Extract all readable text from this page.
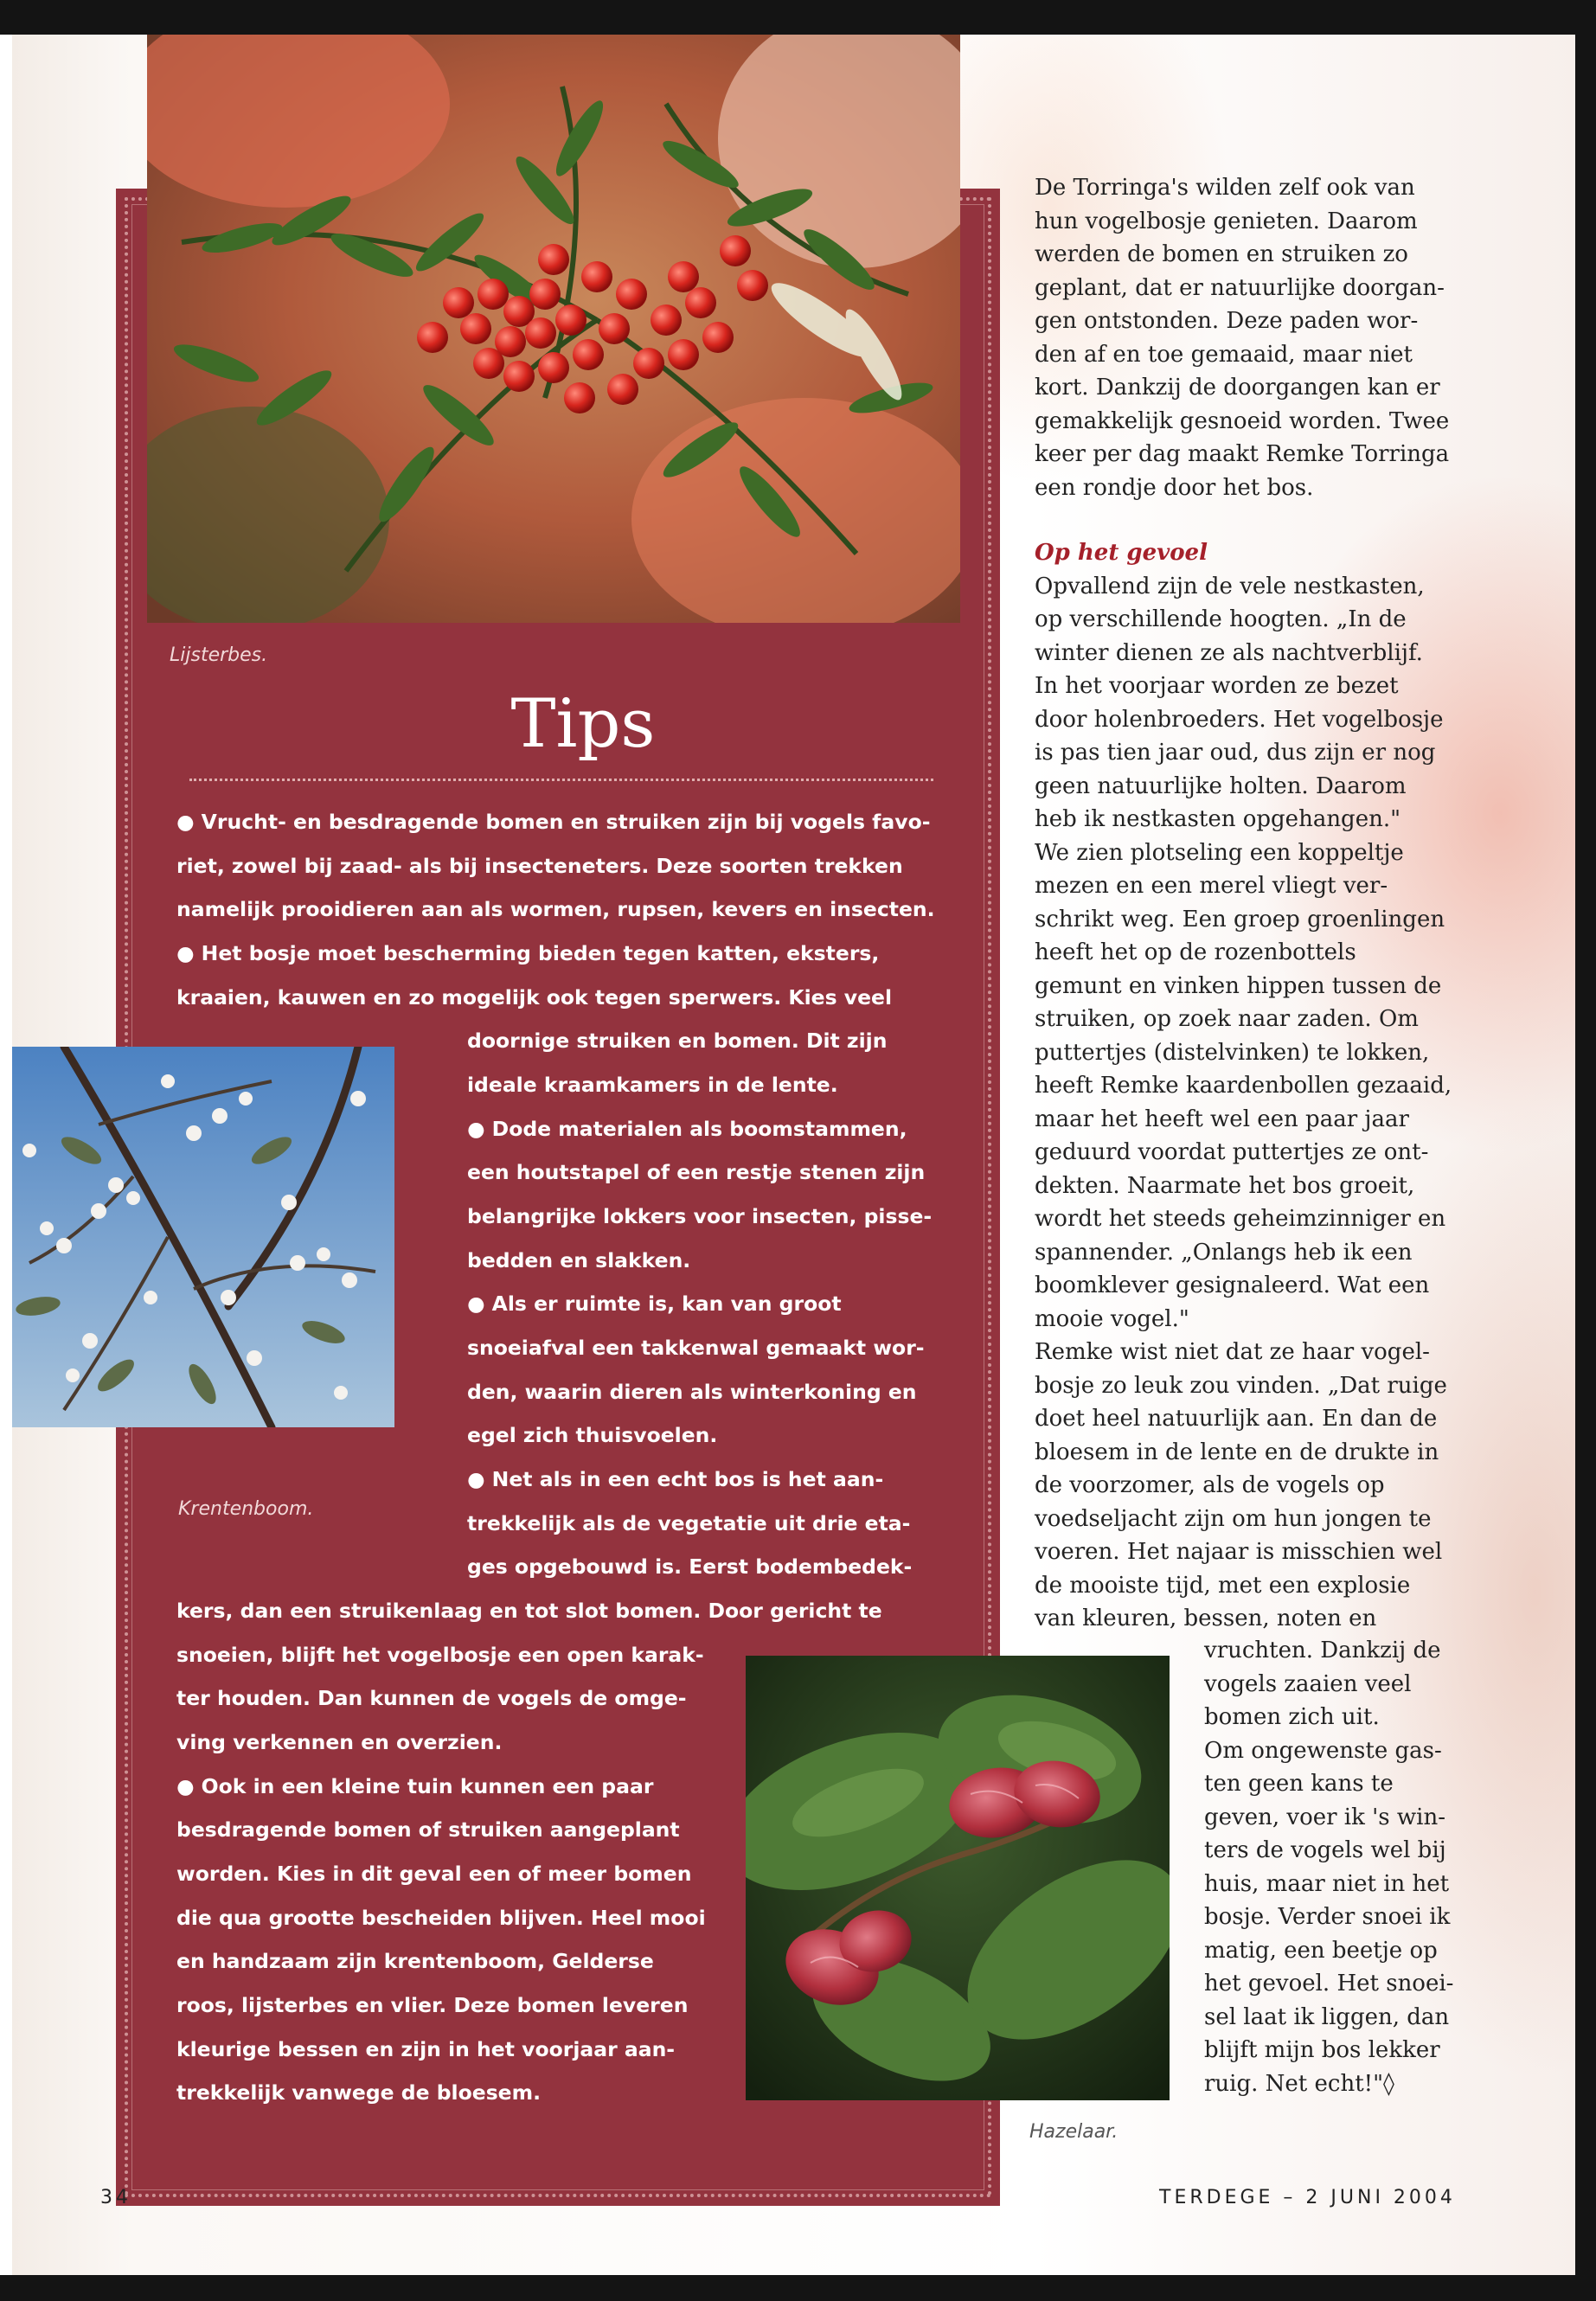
Lijsterbes.
Tips
Krentenboom.
● Vrucht- en besdragende bomen en struiken zijn bij vogels favo-
riet, zowel bij zaad- als bij insecteneters. Deze soorten trekken
namelijk prooidieren aan als wormen, rupsen, kevers en insecten.
● Het bosje moet bescherming bieden tegen katten, eksters,
kraaien, kauwen en zo mogelijk ook tegen sperwers. Kies veel
doornige struiken en bomen. Dit zijn
ideale kraamkamers in de lente.
● Dode materialen als boomstammen,
een houtstapel of een restje stenen zijn
belangrijke lokkers voor insecten, pisse-
bedden en slakken.
● Als er ruimte is, kan van groot
snoeiafval een takkenwal gemaakt wor-
den, waarin dieren als winterkoning en
egel zich thuisvoelen.
● Net als in een echt bos is het aan-
trekkelijk als de vegetatie uit drie eta-
ges opgebouwd is. Eerst bodembedek-
kers, dan een struikenlaag en tot slot bomen. Door gericht te
snoeien, blijft het vogelbosje een open karak-
ter houden. Dan kunnen de vogels de omge-
ving verkennen en overzien.
● Ook in een kleine tuin kunnen een paar
besdragende bomen of struiken aangeplant
worden. Kies in dit geval een of meer bomen
die qua grootte bescheiden blijven. Heel mooi
en handzaam zijn krentenboom, Gelderse
roos, lijsterbes en vlier. Deze bomen leveren
kleurige bessen en zijn in het voorjaar aan-
trekkelijk vanwege de bloesem.
Hazelaar.
De Torringa's wilden zelf ook van
hun vogelbosje genieten. Daarom
werden de bomen en struiken zo
geplant, dat er natuurlijke doorgan-
gen ontstonden. Deze paden wor-
den af en toe gemaaid, maar niet
kort. Dankzij de doorgangen kan er
gemakkelijk gesnoeid worden. Twee
keer per dag maakt Remke Torringa
een rondje door het bos.
Op het gevoel
Opvallend zijn de vele nestkasten,
op verschillende hoogten. „In de
winter dienen ze als nachtverblijf.
In het voorjaar worden ze bezet
door holenbroeders. Het vogelbosje
is pas tien jaar oud, dus zijn er nog
geen natuurlijke holten. Daarom
heb ik nestkasten opgehangen."
We zien plotseling een koppeltje
mezen en een merel vliegt ver-
schrikt weg. Een groep groenlingen
heeft het op de rozenbottels
gemunt en vinken hippen tussen de
struiken, op zoek naar zaden. Om
puttertjes (distelvinken) te lokken,
heeft Remke kaardenbollen gezaaid,
maar het heeft wel een paar jaar
geduurd voordat puttertjes ze ont-
dekten. Naarmate het bos groeit,
wordt het steeds geheimzinniger en
spannender. „Onlangs heb ik een
boomklever gesignaleerd. Wat een
mooie vogel."
Remke wist niet dat ze haar vogel-
bosje zo leuk zou vinden. „Dat ruige
doet heel natuurlijk aan. En dan de
bloesem in de lente en de drukte in
de voorzomer, als de vogels op
voedseljacht zijn om hun jongen te
voeren. Het najaar is misschien wel
de mooiste tijd, met een explosie
van kleuren, bessen, noten en
vruchten. Dankzij de
vogels zaaien veel
bomen zich uit.
Om ongewenste gas-
ten geen kans te
geven, voer ik 's win-
ters de vogels wel bij
huis, maar niet in het
bosje. Verder snoei ik
matig, een beetje op
het gevoel. Het snoei-
sel laat ik liggen, dan
blijft mijn bos lekker
ruig. Net echt!"◊
34	TERDEGE – 2 JUNI 2004
